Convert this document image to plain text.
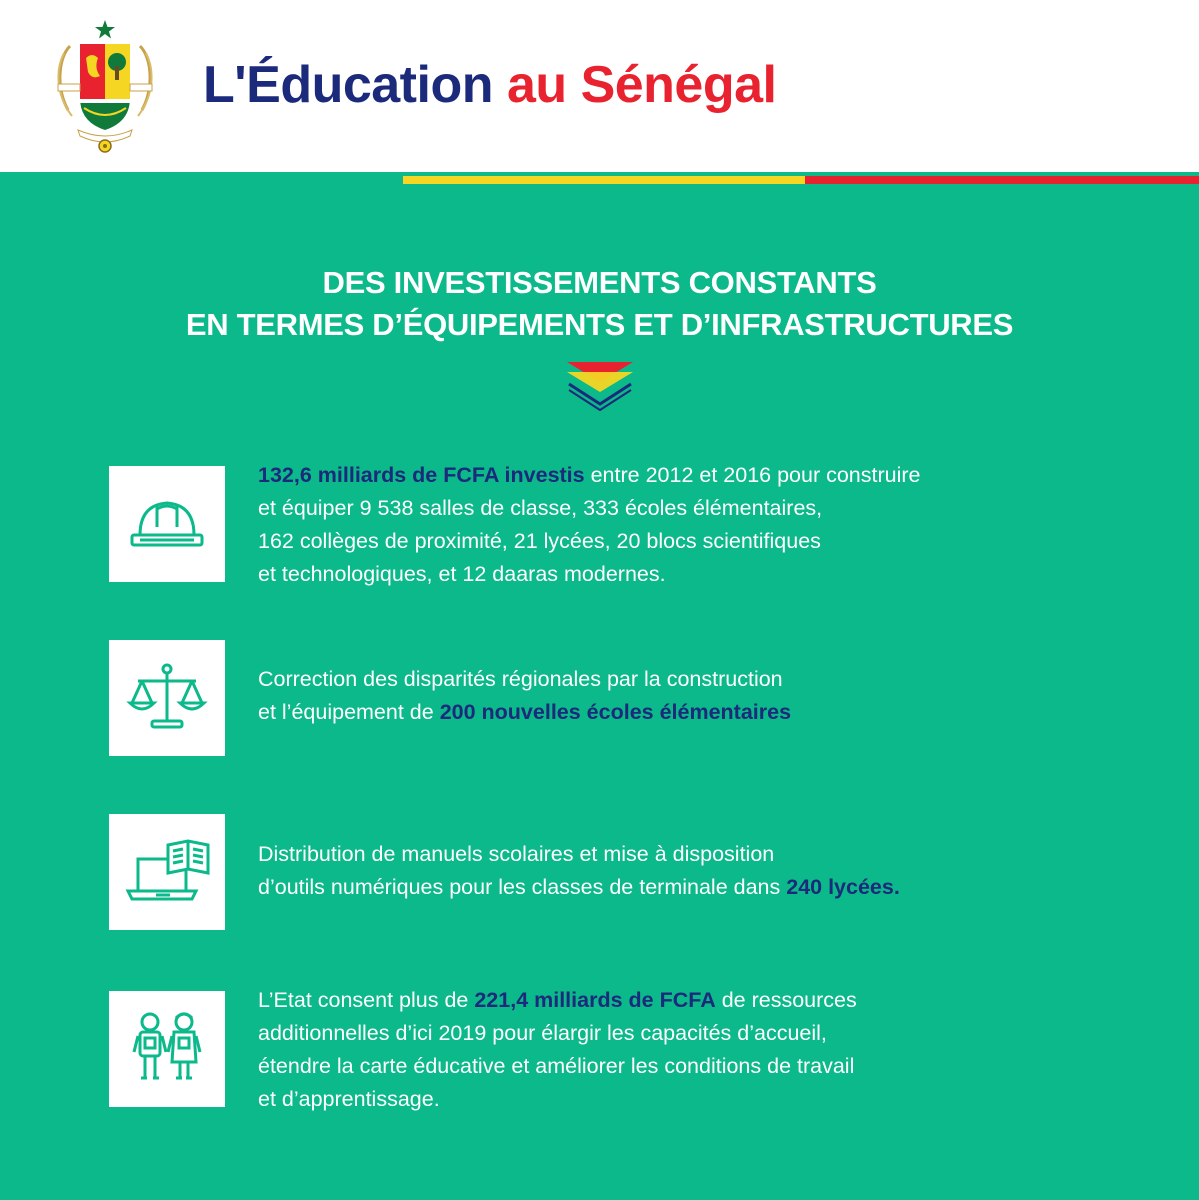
L'Éducation au Sénégal
DES INVESTISSEMENTS CONSTANTS
EN TERMES D’ÉQUIPEMENTS ET D’INFRASTRUCTURES
132,6 milliards de FCFA investis entre 2012 et 2016 pour construire
et équiper 9 538 salles de classe, 333 écoles élémentaires,
162 collèges de proximité, 21 lycées, 20 blocs scientifiques
et technologiques, et 12 daaras modernes.
Correction des disparités régionales par la construction
et l’équipement de 200 nouvelles écoles élémentaires
Distribution de manuels scolaires et mise à disposition
d’outils numériques pour les classes de terminale dans 240 lycées.
L’Etat consent plus de 221,4 milliards de FCFA de ressources
additionnelles d’ici 2019 pour élargir les capacités d’accueil,
étendre la carte éducative et améliorer les conditions de travail
et d’apprentissage.
